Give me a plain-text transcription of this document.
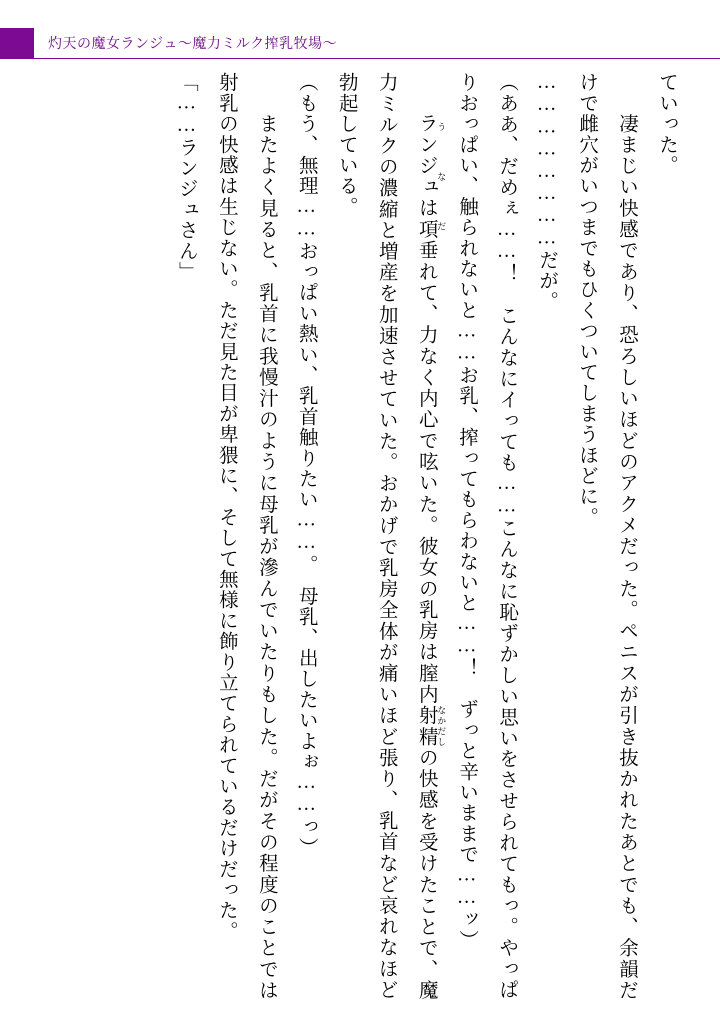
灼天の魔女ランジュ〜魔力ミルク搾乳牧場〜

ていった。

　凄まじい快感であり、恐ろしいほどのアクメだった。ペニスが引き抜かれたあとでも、余韻だけで雌穴がいつまでもひくついてしまうほどに。

……………………だが。

（ああ、だめぇ……！　こんなにイっても……こんなに恥ずかしい思いをさせられてもっ。やっぱりおっぱい、触られないと……お乳、搾ってもらわないと……！　ずっと辛いままで……ッ）

　ランジュは項 うなだ垂れて、力なく内心で呟いた。彼女の乳房は膣内射精 なかだしの快感を受けたことで、魔力ミルクの濃縮と増産を加速させていた。おかげで乳房全体が痛いほど張り、乳首など哀れなほど勃起している。

（もう、無理……おっぱい熱い、乳首触りたい……。　母乳、出したいよぉ……っ）

　またよく見ると、乳首に我慢汁のように母乳が滲んでいたりもした。だがその程度のことでは射乳の快感は生じない。ただ見た目が卑猥に、そして無様に飾り立てられているだけだった。

「……ランジュさん」
